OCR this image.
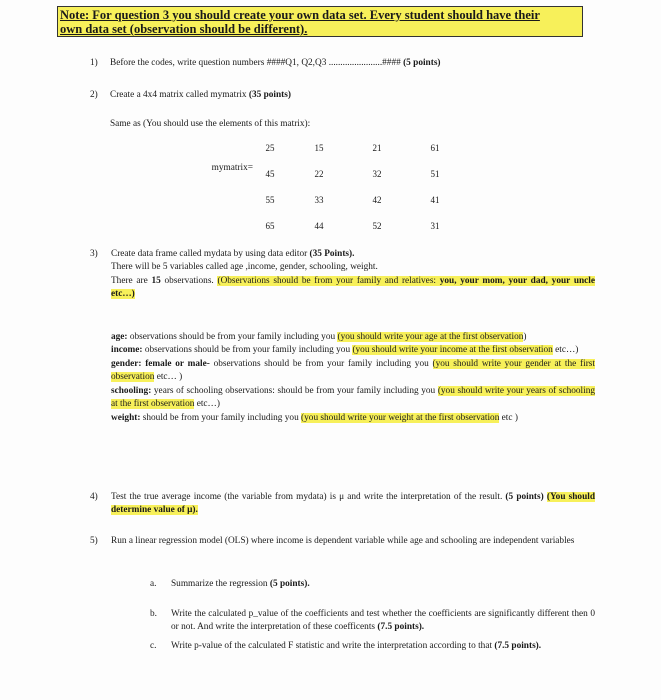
Note: For question 3 you should create your own data set. Every student should have their
own data set (observation should be different).
1) Before the codes, write question numbers ####Q1, Q2,Q3 .......................#### (5 points)
2) Create a 4x4 matrix called mymatrix (35 points)
Same as (You should use the elements of this matrix):
mymatrix=
25	15	21	61
45	22	32	51
55	33	42	41
65	44	52	31
3) Create data frame called mydata by using data editor (35 Points).
There will be 5 variables called age ,income, gender, schooling, weight.
There are 15 observations. (Observations should be from your family and relatives: you, your mom, your dad, your uncle etc…)
age: observations should be from your family including you (you should write your age at the first observation)
income: observations should be from your family including you (you should write your income at the first observation etc…)
gender: female or male- observations should be from your family including you (you should write your gender at the first observation etc… )
schooling: years of schooling observations: should be from your family including you (you should write your years of schooling at the first observation etc…)
weight: should be from your family including you (you should write your weight at the first observation etc )
4) Test the true average income (the variable from mydata) is μ and write the interpretation of the result. (5 points) (You should determine value of μ).
5) Run a linear regression model (OLS) where income is dependent variable while age and schooling are independent variables
a. Summarize the regression (5 points).
b. Write the calculated p_value of the coefficients and test whether the coefficients are significantly different then 0 or not. And write the interpretation of these coefficents (7.5 points).
c. Write p-value of the calculated F statistic and write the interpretation according to that (7.5 points).
